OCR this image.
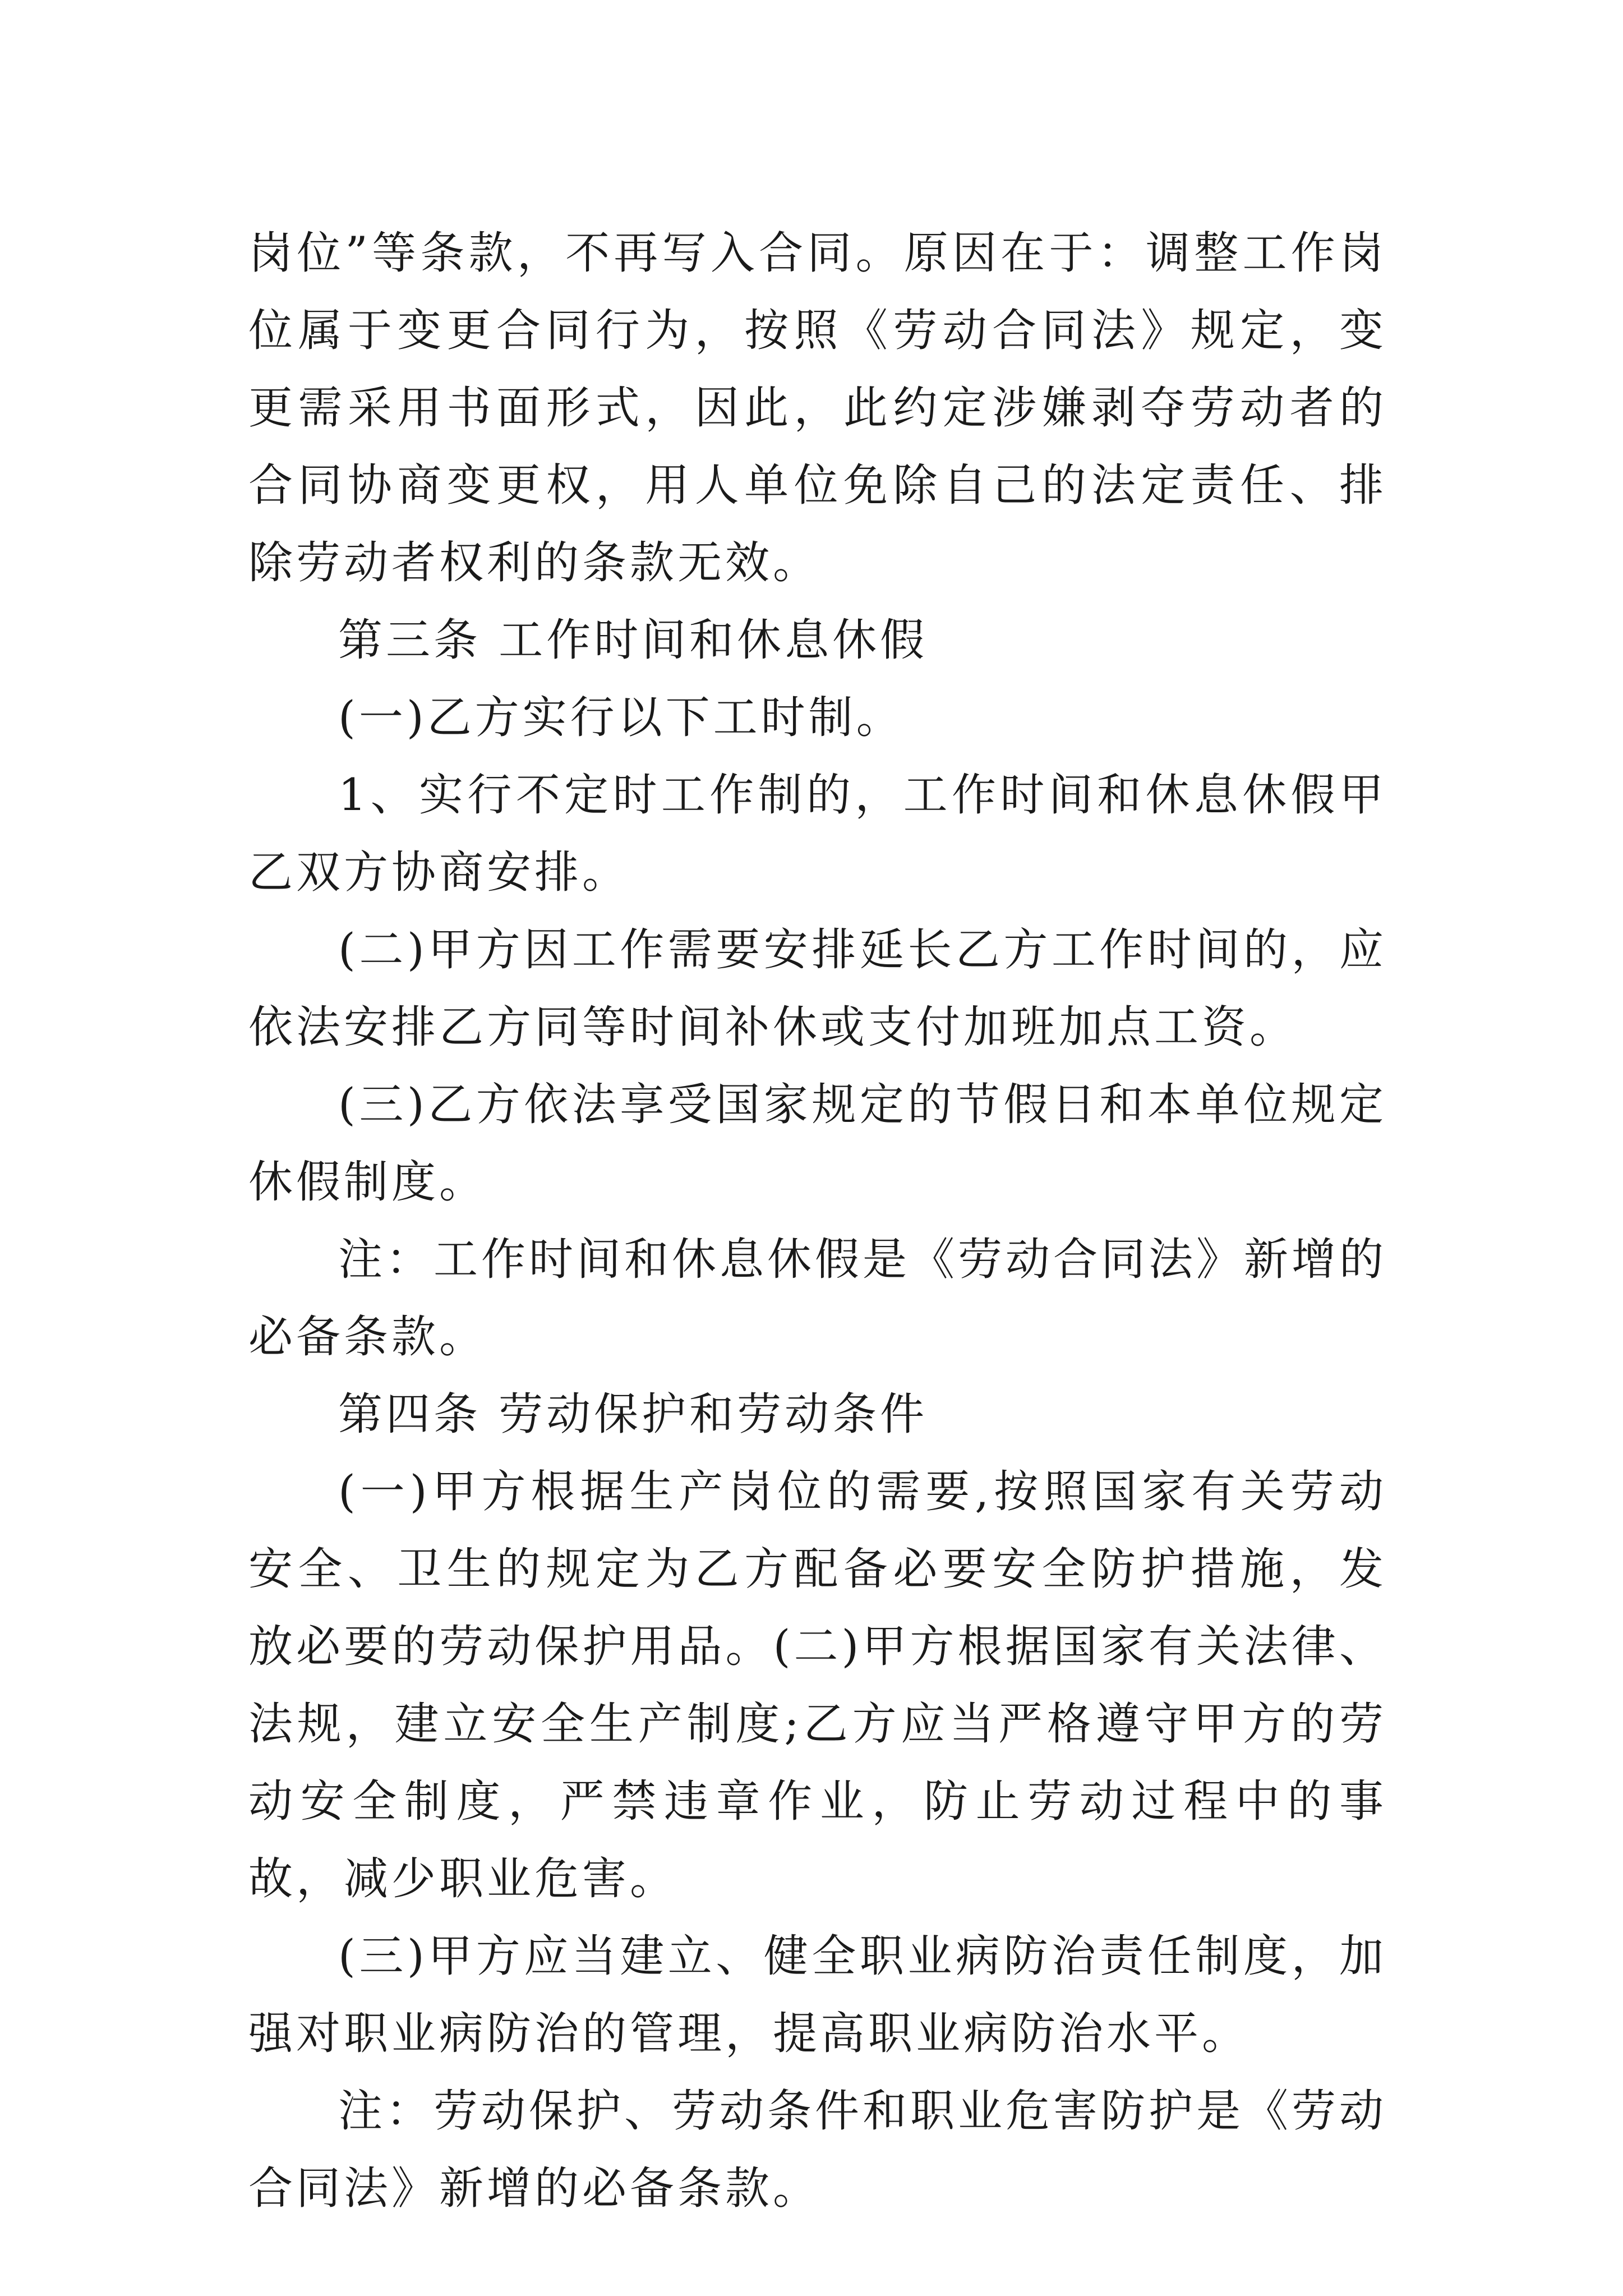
岗位”等条款，不再写入合同。原因在于：调整工作岗位属于变更合同行为，按照《劳动合同法》规定，变更需采用书面形式，因此，此约定涉嫌剥夺劳动者的合同协商变更权，用人单位免除自己的法定责任、排除劳动者权利的条款无效。

第三条 工作时间和休息休假

(一)乙方实行以下工时制。

1、实行不定时工作制的，工作时间和休息休假甲乙双方协商安排。

(二)甲方因工作需要安排延长乙方工作时间的，应依法安排乙方同等时间补休或支付加班加点工资。

(三)乙方依法享受国家规定的节假日和本单位规定休假制度。

注：工作时间和休息休假是《劳动合同法》新增的必备条款。

第四条 劳动保护和劳动条件

(一)甲方根据生产岗位的需要,按照国家有关劳动安全、卫生的规定为乙方配备必要安全防护措施，发放必要的劳动保护用品。(二)甲方根据国家有关法律、法规，建立安全生产制度;乙方应当严格遵守甲方的劳动安全制度，严禁违章作业，防止劳动过程中的事故，减少职业危害。

(三)甲方应当建立、健全职业病防治责任制度，加强对职业病防治的管理，提高职业病防治水平。

注：劳动保护、劳动条件和职业危害防护是《劳动合同法》新增的必备条款。
